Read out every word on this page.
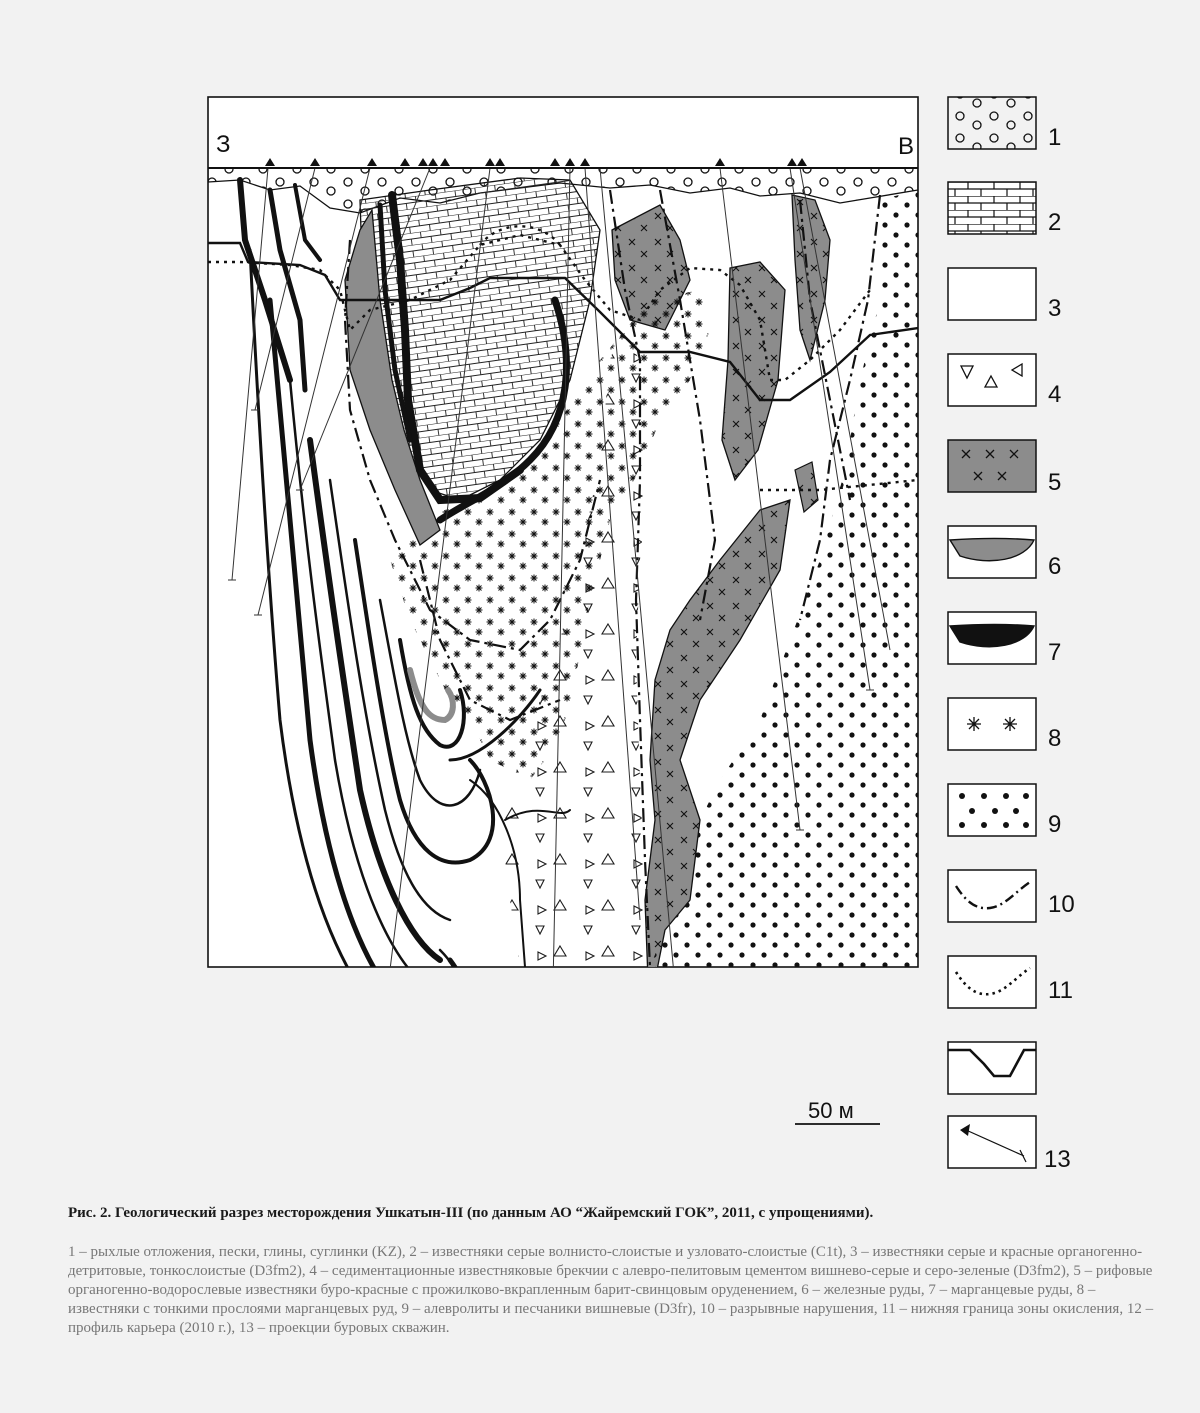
З	В
50 м
1
2
3
4
5
6
7
8
9
10
11
13
Рис. 2. Геологический разрез месторождения Ушкатын-III (по данным АО “Жайремский ГОК”, 2011, с упрощениями).
1 – рыхлые отложения, пески, глины, суглинки (KZ), 2 – известняки серые волнисто-слоистые и узловато-слоистые (C1t), 3 – известняки серые и красные органогенно-детритовые, тонкослоистые (D3fm2), 4 – седиментационные известняковые брекчии с алевро-пелитовым цементом вишнево-серые и серо-зеленые (D3fm2), 5 – рифовые органогенно-водорослевые известняки буро-красные с прожилково-вкрапленным барит-свинцовым оруденением, 6 – железные руды, 7 – марганцевые руды, 8 – известняки с тонкими прослоями марганцевых руд, 9 – алевролиты и песчаники вишневые (D3fr), 10 – разрывные нарушения, 11 – нижняя граница зоны окисления, 12 – профиль карьера (2010 г.), 13 – проекции буровых скважин.
